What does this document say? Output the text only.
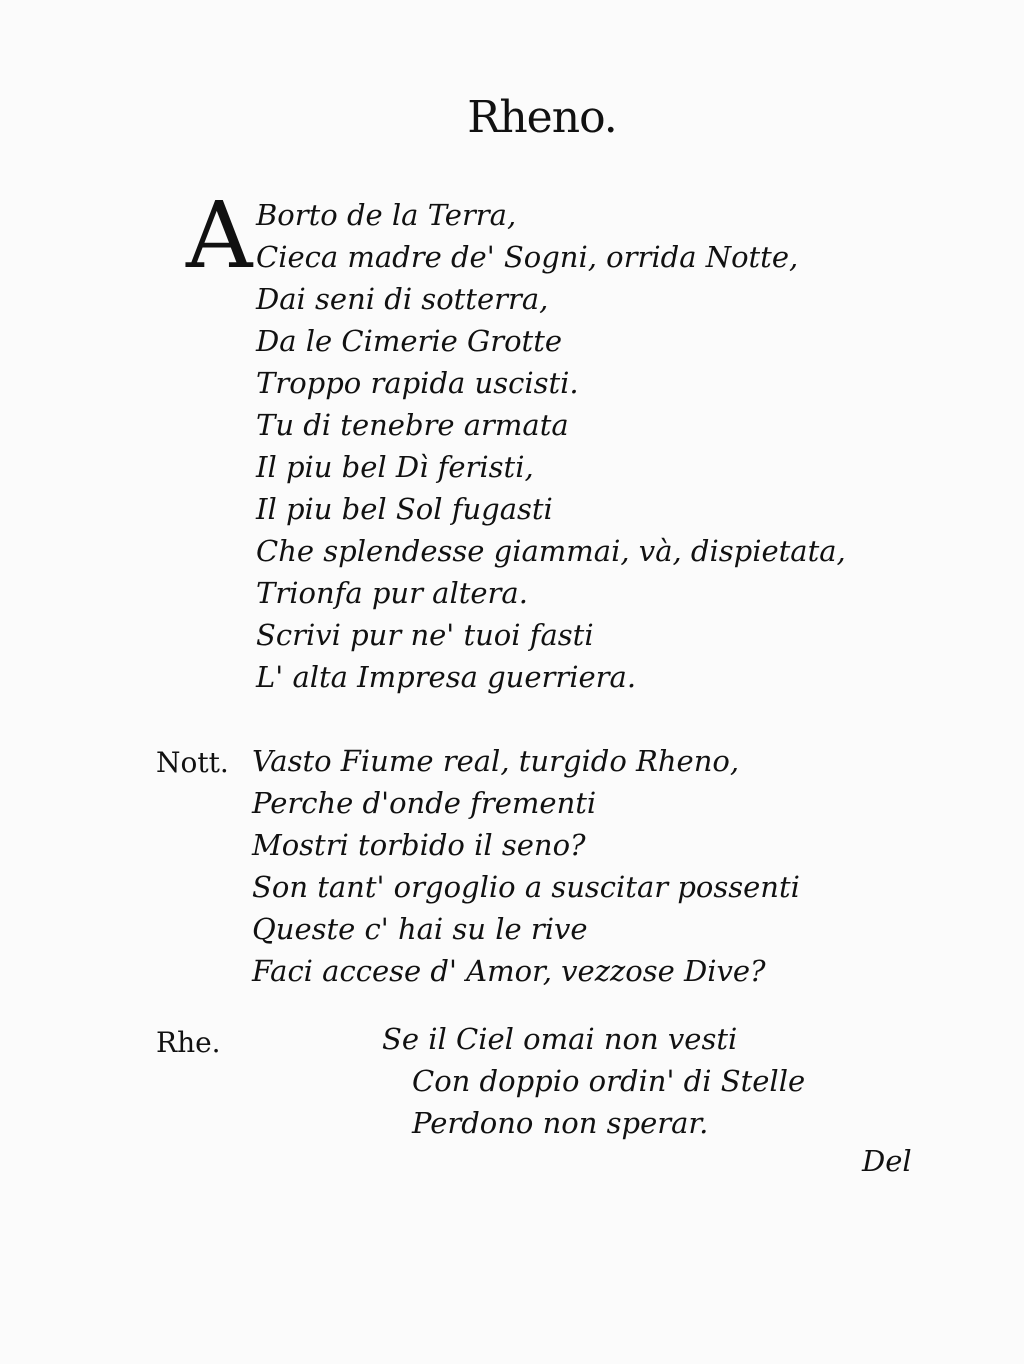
Rheno.
A Borto de la Terra,
Cieca madre de' Sogni, orrida Notte,
Dai seni di sotterra,
Da le Cimerie Grotte
Troppo rapida uscisti.
Tu di tenebre armata
Il piu bel Dì feristi,
Il piu bel Sol fugasti
Che splendesse giammai, và, dispietata,
Trionfa pur altera.
Scrivi pur ne' tuoi fasti
L' alta Impresa guerriera.
Nott. Vasto Fiume real, turgido Rheno,
Perche d'onde frementi
Mostri torbido il seno?
Son tant' orgoglio a suscitar possenti
Queste c' hai su le rive
Faci accese d' Amor, vezzose Dive?
Rhe.	Se il Ciel omai non vesti
Con doppio ordin' di Stelle
Perdono non sperar.
Del
